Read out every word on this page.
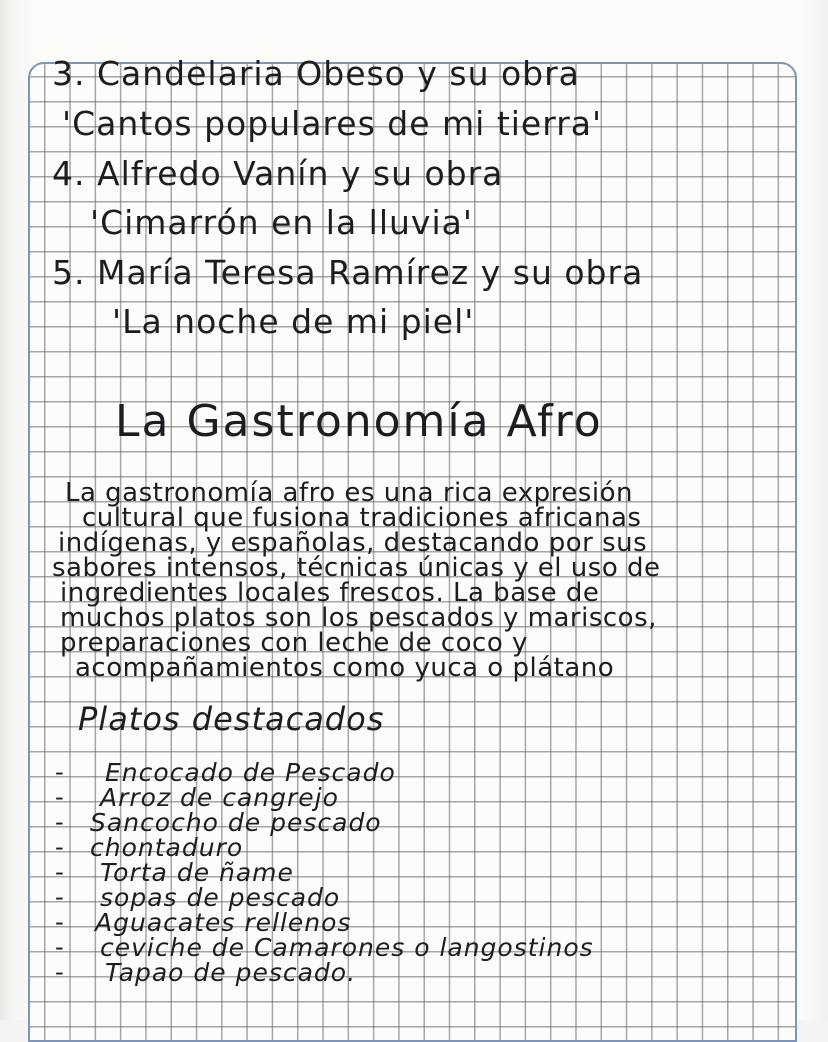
3. Candelaria Obeso y su obra
'Cantos populares de mi tierra'
4. Alfredo Vanín y su obra
'Cimarrón en la lluvia'
5. María Teresa Ramírez y su obra
'La noche de mi piel'
La Gastronomía Afro
La gastronomía afro es una rica expresión
cultural que fusiona tradiciones africanas
indígenas, y españolas, destacando por sus
sabores intensos, técnicas únicas y el uso de
ingredientes locales frescos. La base de
muchos platos son los pescados y mariscos,
preparaciones con leche de coco y
acompañamientos como yuca o plátano
Platos destacados
- Encocado de Pescado
- Arroz de cangrejo
- Sancocho de pescado
- chontaduro
- Torta de ñame
- sopas de pescado
- Aguacates rellenos
- ceviche de Camarones o langostinos
- Tapao de pescado.
